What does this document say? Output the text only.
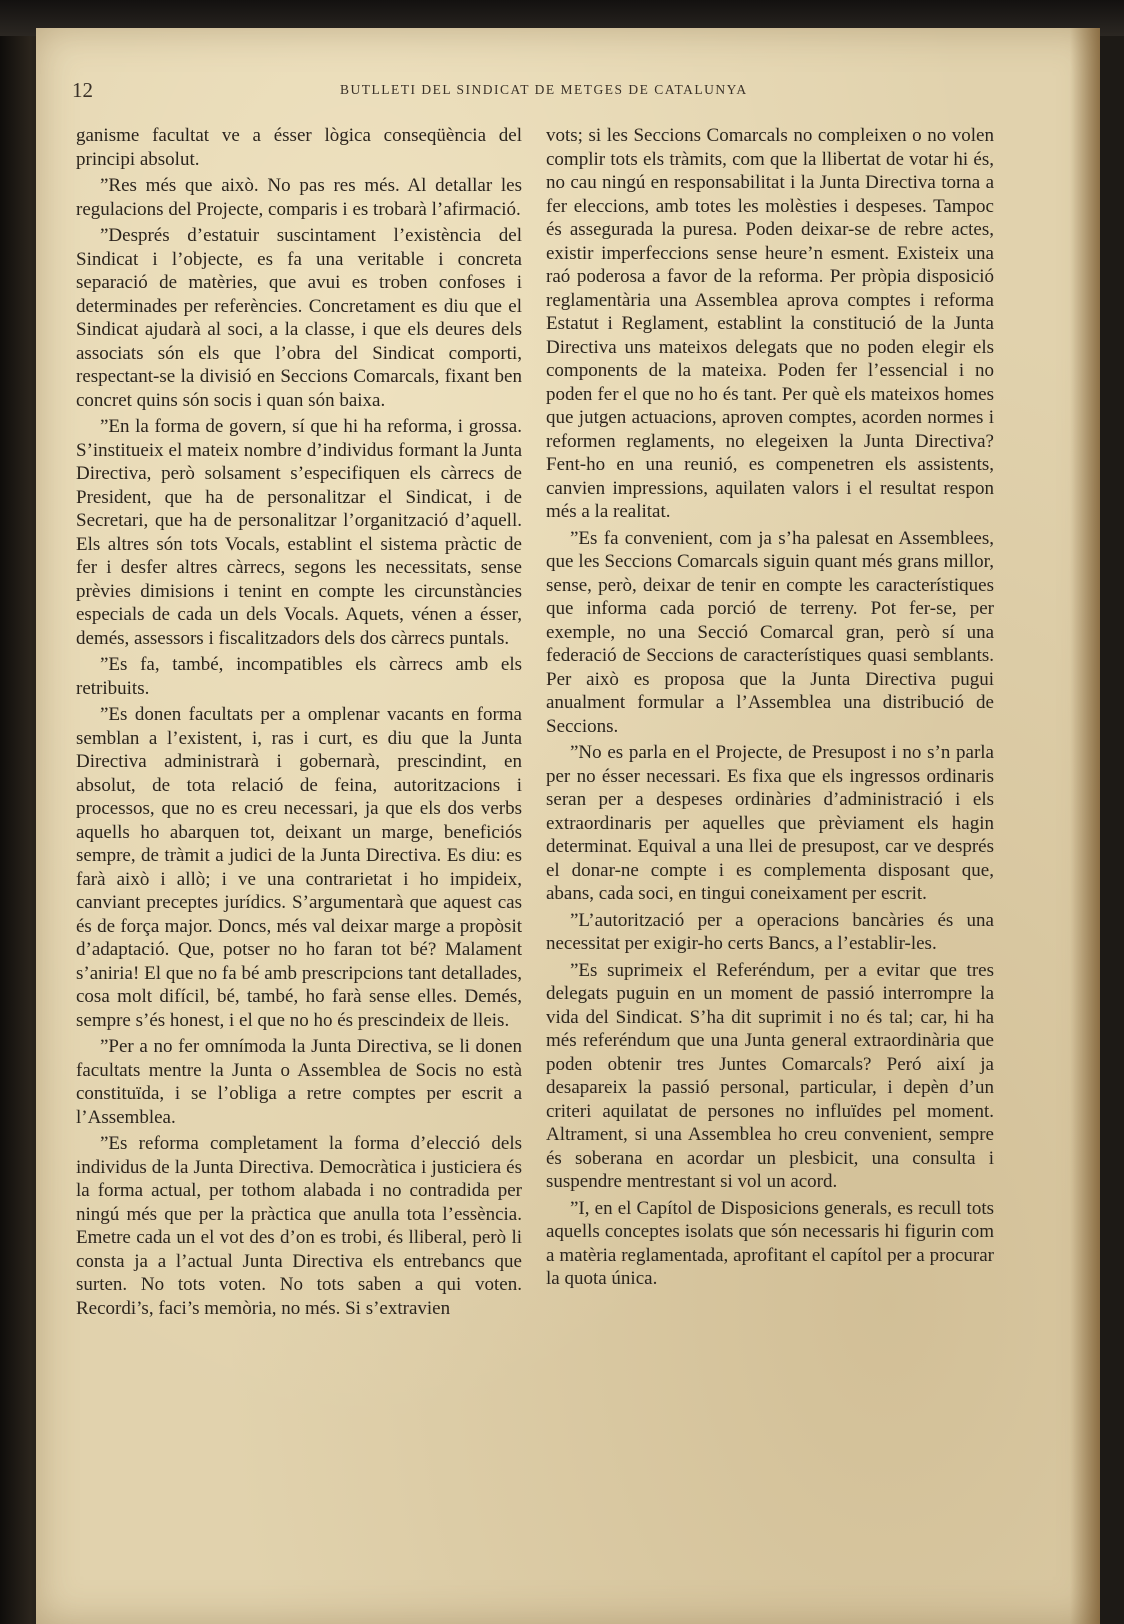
12	BUTLLETI DEL SINDICAT DE METGES DE CATALUNYA

ganisme facultat ve a ésser lògica conseqüència del principi absolut.

”Res més que això. No pas res més. Al detallar les regulacions del Projecte, comparis i es trobarà l’afirmació.

”Després d’estatuir suscintament l’existència del Sindicat i l’objecte, es fa una veritable i concreta separació de matèries, que avui es troben confoses i determinades per referències. Concretament es diu que el Sindicat ajudarà al soci, a la classe, i que els deures dels associats són els que l’obra del Sindicat comporti, respectant-se la divisió en Seccions Comarcals, fixant ben concret quins són socis i quan són baixa.

”En la forma de govern, sí que hi ha reforma, i grossa. S’institueix el mateix nombre d’individus formant la Junta Directiva, però solsament s’especifiquen els càrrecs de President, que ha de personalitzar el Sindicat, i de Secretari, que ha de personalitzar l’organització d’aquell. Els altres són tots Vocals, establint el sistema pràctic de fer i desfer altres càrrecs, segons les necessitats, sense prèvies dimisions i tenint en compte les circunstàncies especials de cada un dels Vocals. Aquets, vénen a ésser, demés, assessors i fiscalitzadors dels dos càrrecs puntals.

”Es fa, també, incompatibles els càrrecs amb els retribuits.

”Es donen facultats per a omplenar vacants en forma semblan a l’existent, i, ras i curt, es diu que la Junta Directiva administrarà i gobernarà, prescindint, en absolut, de tota relació de feina, autoritzacions i processos, que no es creu necessari, ja que els dos verbs aquells ho abarquen tot, deixant un marge, beneficiós sempre, de tràmit a judici de la Junta Directiva. Es diu: es farà això i allò; i ve una contrarietat i ho impideix, canviant preceptes jurídics. S’argumentarà que aquest cas és de força major. Doncs, més val deixar marge a propòsit d’adaptació. Que, potser no ho faran tot bé? Malament s’aniria! El que no fa bé amb prescripcions tant detallades, cosa molt difícil, bé, també, ho farà sense elles. Demés, sempre s’és honest, i el que no ho és prescindeix de lleis.

”Per a no fer omnímoda la Junta Directiva, se li donen facultats mentre la Junta o Assemblea de Socis no està constituïda, i se l’obliga a retre comptes per escrit a l’Assemblea.

”Es reforma completament la forma d’elecció dels individus de la Junta Directiva. Democràtica i justiciera és la forma actual, per tothom alabada i no contradida per ningú més que per la pràctica que anulla tota l’essència. Emetre cada un el vot des d’on es trobi, és lliberal, però li consta ja a l’actual Junta Directiva els entrebancs que surten. No tots voten. No tots saben a qui voten. Recordi’s, faci’s memòria, no més. Si s’extravien

vots; si les Seccions Comarcals no compleixen o no volen complir tots els tràmits, com que la llibertat de votar hi és, no cau ningú en responsabilitat i la Junta Directiva torna a fer eleccions, amb totes les molèsties i despeses. Tampoc és assegurada la puresa. Poden deixar-se de rebre actes, existir imperfeccions sense heure’n esment. Existeix una raó poderosa a favor de la reforma. Per pròpia disposició reglamentària una Assemblea aprova comptes i reforma Estatut i Reglament, establint la constitució de la Junta Directiva uns mateixos delegats que no poden elegir els components de la mateixa. Poden fer l’essencial i no poden fer el que no ho és tant. Per què els mateixos homes que jutgen actuacions, aproven comptes, acorden normes i reformen reglaments, no elegeixen la Junta Directiva? Fent-ho en una reunió, es compenetren els assistents, canvien impressions, aquilaten valors i el resultat respon més a la realitat.

”Es fa convenient, com ja s’ha palesat en Assemblees, que les Seccions Comarcals siguin quant més grans millor, sense, però, deixar de tenir en compte les característiques que informa cada porció de terreny. Pot fer-se, per exemple, no una Secció Comarcal gran, però sí una federació de Seccions de característiques quasi semblants. Per això es proposa que la Junta Directiva pugui anualment formular a l’Assemblea una distribució de Seccions.

”No es parla en el Projecte, de Presupost i no s’n parla per no ésser necessari. Es fixa que els ingressos ordinaris seran per a despeses ordinàries d’administració i els extraordinaris per aquelles que prèviament els hagin determinat. Equival a una llei de presupost, car ve després el donar-ne compte i es complementa disposant que, abans, cada soci, en tingui coneixament per escrit.

”L’autorització per a operacions bancàries és una necessitat per exigir-ho certs Bancs, a l’establir-les.

”Es suprimeix el Referéndum, per a evitar que tres delegats puguin en un moment de passió interrompre la vida del Sindicat. S’ha dit suprimit i no és tal; car, hi ha més referéndum que una Junta general extraordinària que poden obtenir tres Juntes Comarcals? Peró així ja desapareix la passió personal, particular, i depèn d’un criteri aquilatat de persones no influïdes pel moment. Altrament, si una Assemblea ho creu convenient, sempre és soberana en acordar un plesbicit, una consulta i suspendre mentrestant si vol un acord.

”I, en el Capítol de Disposicions generals, es recull tots aquells conceptes isolats que són necessaris hi figurin com a matèria reglamentada, aprofitant el capítol per a procurar la quota única.
